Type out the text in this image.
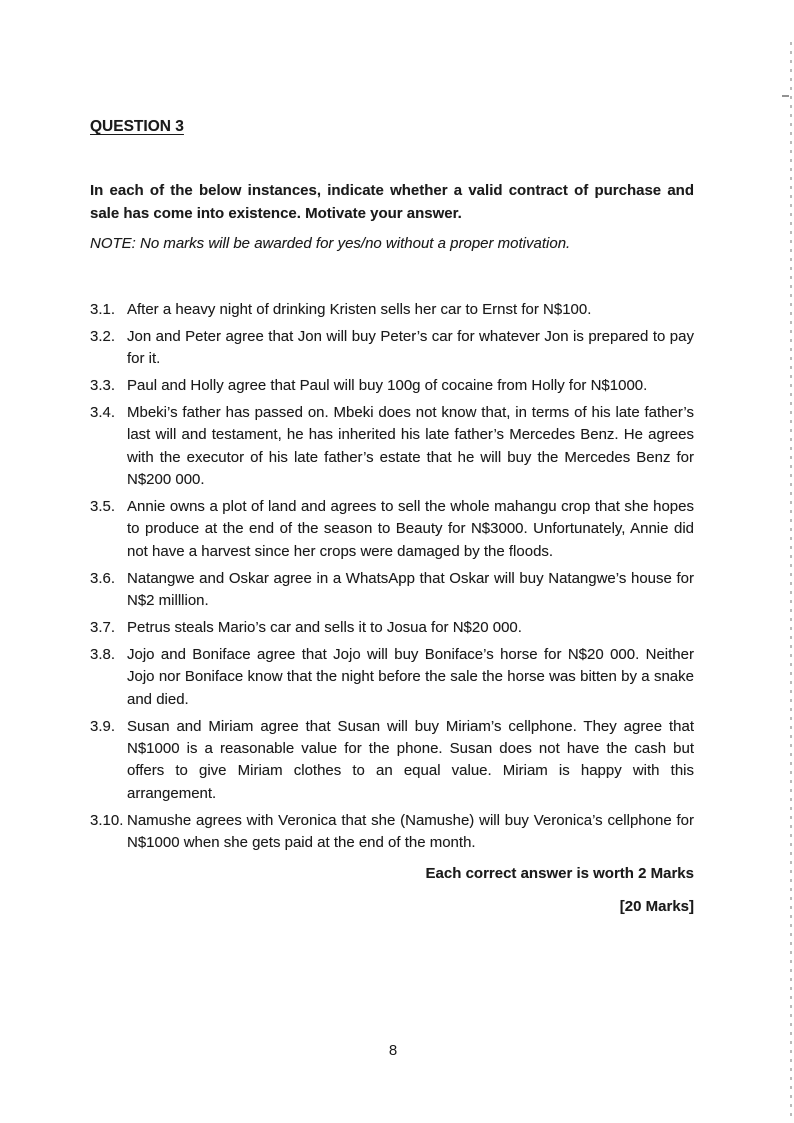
QUESTION 3

In each of the below instances, indicate whether a valid contract of purchase and sale has come into existence. Motivate your answer.

NOTE: No marks will be awarded for yes/no without a proper motivation.

3.1. After a heavy night of drinking Kristen sells her car to Ernst for N$100.
3.2. Jon and Peter agree that Jon will buy Peter’s car for whatever Jon is prepared to pay for it.
3.3. Paul and Holly agree that Paul will buy 100g of cocaine from Holly for N$1000.
3.4. Mbeki’s father has passed on. Mbeki does not know that, in terms of his late father’s last will and testament, he has inherited his late father’s Mercedes Benz. He agrees with the executor of his late father’s estate that he will buy the Mercedes Benz for N$200 000.
3.5. Annie owns a plot of land and agrees to sell the whole mahangu crop that she hopes to produce at the end of the season to Beauty for N$3000. Unfortunately, Annie did not have a harvest since her crops were damaged by the floods.
3.6. Natangwe and Oskar agree in a WhatsApp that Oskar will buy Natangwe’s house for N$2 milllion.
3.7. Petrus steals Mario’s car and sells it to Josua for N$20 000.
3.8. Jojo and Boniface agree that Jojo will buy Boniface’s horse for N$20 000. Neither Jojo nor Boniface know that the night before the sale the horse was bitten by a snake and died.
3.9. Susan and Miriam agree that Susan will buy Miriam’s cellphone. They agree that N$1000 is a reasonable value for the phone. Susan does not have the cash but offers to give Miriam clothes to an equal value. Miriam is happy with this arrangement.
3.10. Namushe agrees with Veronica that she (Namushe) will buy Veronica’s cellphone for N$1000 when she gets paid at the end of the month.

Each correct answer is worth 2 Marks

[20 Marks]

8
